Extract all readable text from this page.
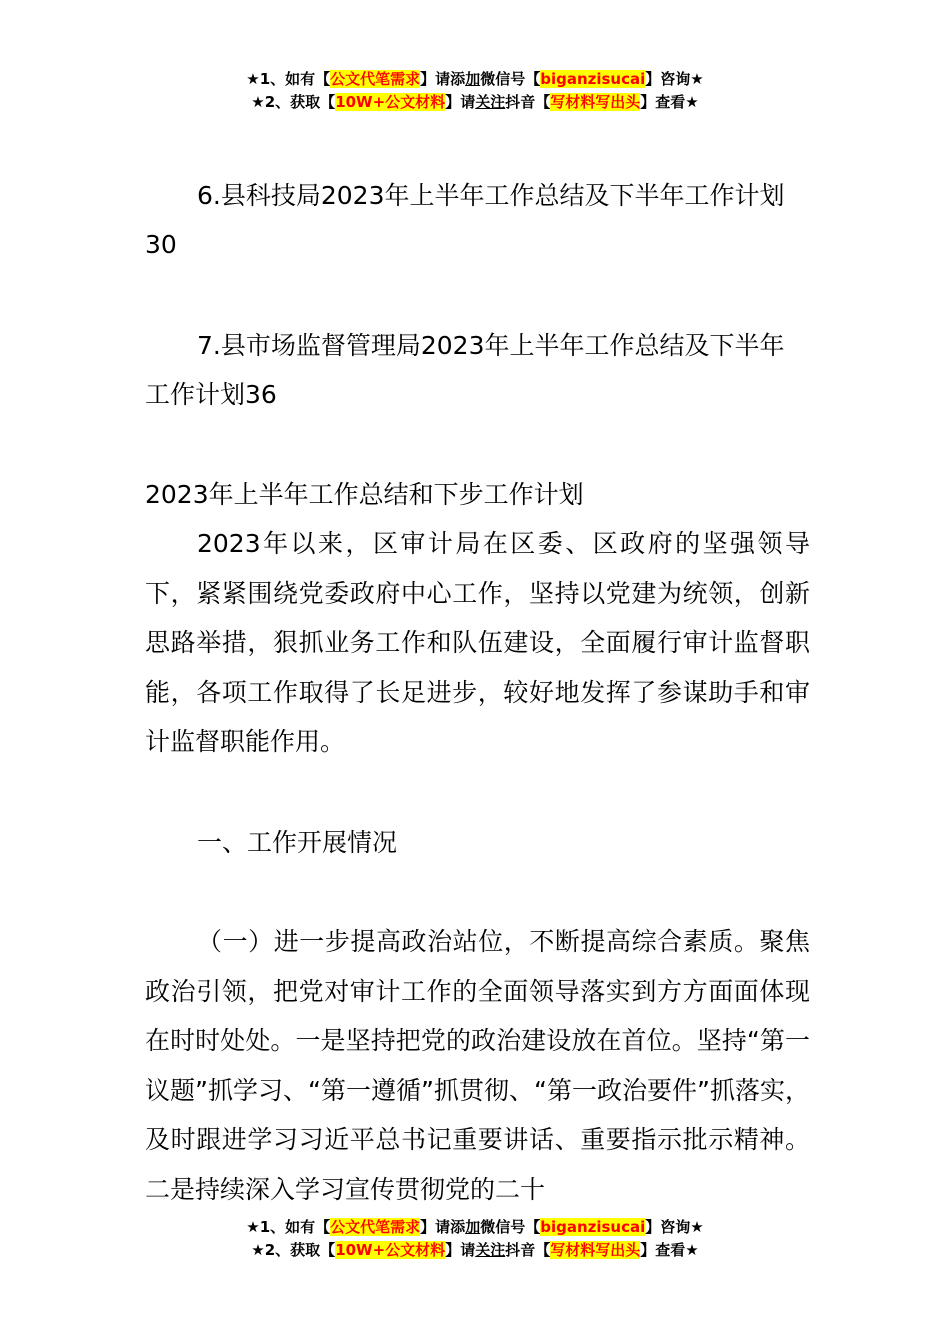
★1、如有【公文代笔需求】请添加微信号【biganzisucai】咨询★
★2、获取【10W+公文材料】请关注抖音【写材料写出头】查看★
6.县科技局2023年上半年工作总结及下半年工作计划
30
7.县市场监督管理局2023年上半年工作总结及下半年
工作计划36
2023年上半年工作总结和下步工作计划
2023年以来，区审计局在区委、区政府的坚强领导下，紧紧围绕党委政府中心工作，坚持以党建为统领，创新思路举措，狠抓业务工作和队伍建设，全面履行审计监督职能，各项工作取得了长足进步，较好地发挥了参谋助手和审计监督职能作用。
一、工作开展情况
（一）进一步提高政治站位，不断提高综合素质。聚焦政治引领，把党对审计工作的全面领导落实到方方面面体现在时时处处。一是坚持把党的政治建设放在首位。坚持“第一议题”抓学习、“第一遵循”抓贯彻、“第一政治要件”抓落实，及时跟进学习习近平总书记重要讲话、重要指示批示精神。二是持续深入学习宣传贯彻党的二十
★1、如有【公文代笔需求】请添加微信号【biganzisucai】咨询★
★2、获取【10W+公文材料】请关注抖音【写材料写出头】查看★
